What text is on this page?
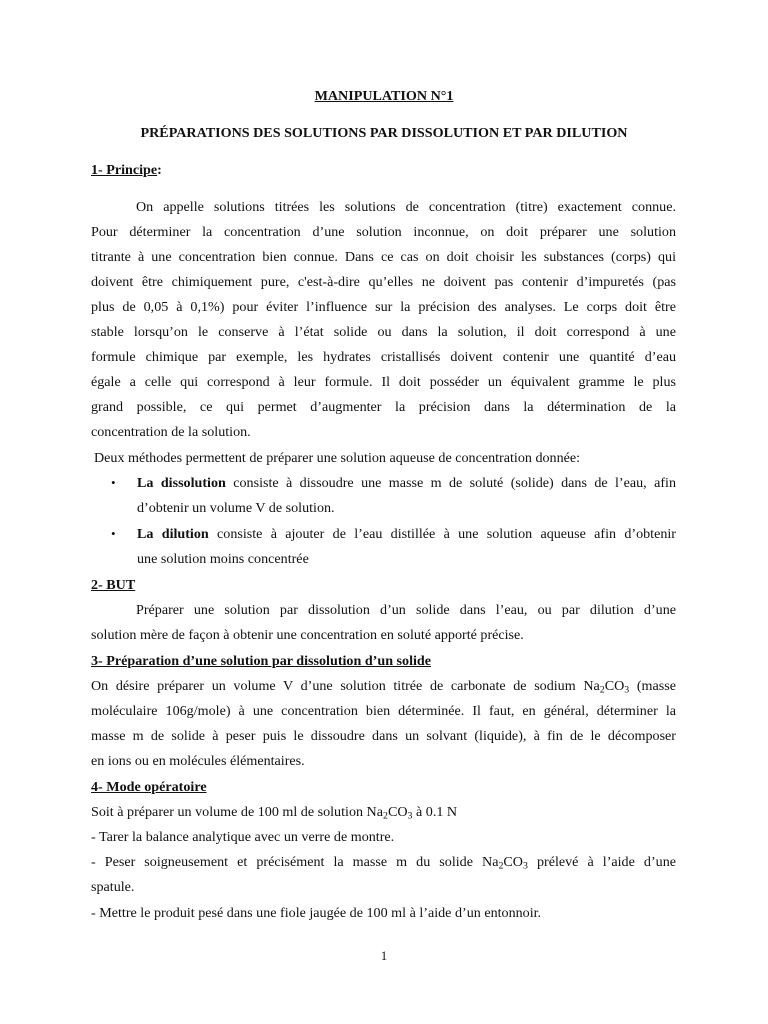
MANIPULATION N°1
PRÉPARATIONS DES SOLUTIONS PAR DISSOLUTION ET PAR DILUTION
1- Principe:
On appelle solutions titrées les solutions de concentration (titre) exactement connue.
Pour déterminer la concentration d’une solution inconnue, on doit préparer une solution
titrante à une concentration bien connue. Dans ce cas on doit choisir les substances (corps) qui
doivent être chimiquement pure, c'est-à-dire qu’elles ne doivent pas contenir d’impuretés (pas
plus de 0,05 à 0,1%) pour éviter l’influence sur la précision des analyses. Le corps doit être
stable lorsqu’on le conserve à l’état solide ou dans la solution, il doit correspond à une
formule chimique par exemple, les hydrates cristallisés doivent contenir une quantité d’eau
égale a celle qui correspond à leur formule. Il doit posséder un équivalent gramme le plus
grand possible, ce qui permet d’augmenter la précision dans la détermination de la
concentration de la solution.
Deux méthodes permettent de préparer une solution aqueuse de concentration donnée:
• La dissolution consiste à dissoudre une masse m de soluté (solide) dans de l’eau, afin
d’obtenir un volume V de solution.
• La dilution consiste à ajouter de l’eau distillée à une solution aqueuse afin d’obtenir
une solution moins concentrée
2- BUT
Préparer une solution par dissolution d’un solide dans l’eau, ou par dilution d’une
solution mère de façon à obtenir une concentration en soluté apporté précise.
3- Préparation d’une solution par dissolution d’un solide
On désire préparer un volume V d’une solution titrée de carbonate de sodium $Na_2CO_3$ (masse
moléculaire 106g/mole) à une concentration bien déterminée. Il faut, en général, déterminer la
masse m de solide à peser puis le dissoudre dans un solvant (liquide), à fin de le décomposer
en ions ou en molécules élémentaires.
4- Mode opératoire
Soit à préparer un volume de 100 ml de solution $Na_2CO_3$ à 0.1 N
- Tarer la balance analytique avec un verre de montre.
- Peser soigneusement et précisément la masse m du solide $Na_2CO_3$ prélevé à l’aide d’une
spatule.
- Mettre le produit pesé dans une fiole jaugée de 100 ml à l’aide d’un entonnoir.
1
